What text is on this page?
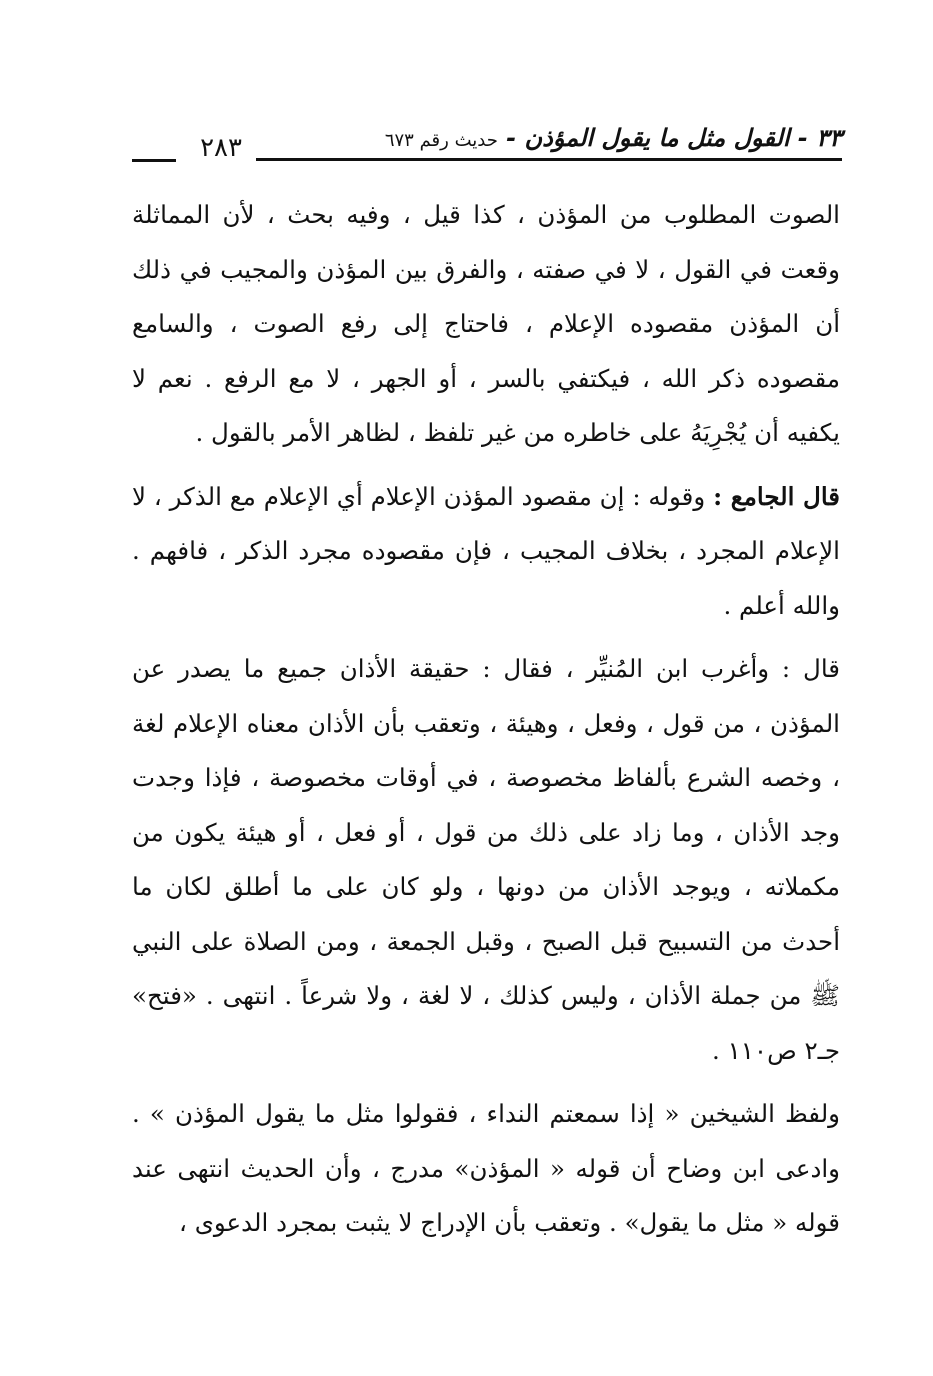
٣٣ - القول مثل ما يقول المؤذن - حديث رقم ٦٧٣
٢٨٣

الصوت المطلوب من المؤذن ، كذا قيل ، وفيه بحث ، لأن المماثلة وقعت في القول ، لا في صفته ، والفرق بين المؤذن والمجيب في ذلك أن المؤذن مقصوده الإعلام ، فاحتاج إلى رفع الصوت ، والسامع مقصوده ذكر الله ، فيكتفي بالسر ، أو الجهر ، لا مع الرفع . نعم لا يكفيه أن يُجْرِيَهُ على خاطره من غير تلفظ ، لظاهر الأمر بالقول .

قال الجامع : وقوله : إن مقصود المؤذن الإعلام أي الإعلام مع الذكر ، لا الإعلام المجرد ، بخلاف المجيب ، فإن مقصوده مجرد الذكر ، فافهم . والله أعلم .

قال : وأغرب ابن المُنيِّر ، فقال : حقيقة الأذان جميع ما يصدر عن المؤذن ، من قول ، وفعل ، وهيئة ، وتعقب بأن الأذان معناه الإعلام لغة ، وخصه الشرع بألفاظ مخصوصة ، في أوقات مخصوصة ، فإذا وجدت وجد الأذان ، وما زاد على ذلك من قول ، أو فعل ، أو هيئة يكون من مكملاته ، ويوجد الأذان من دونها ، ولو كان على ما أطلق لكان ما أحدث من التسبيح قبل الصبح ، وقبل الجمعة ، ومن الصلاة على النبي ﷺ من جملة الأذان ، وليس كذلك ، لا لغة ، ولا شرعاً . انتهى . «فتح» جـ٢ ص١١٠ .

ولفظ الشيخين « إذا سمعتم النداء ، فقولوا مثل ما يقول المؤذن » . وادعى ابن وضاح أن قوله « المؤذن» مدرج ، وأن الحديث انتهى عند قوله « مثل ما يقول» . وتعقب بأن الإدراج لا يثبت بمجرد الدعوى ،
